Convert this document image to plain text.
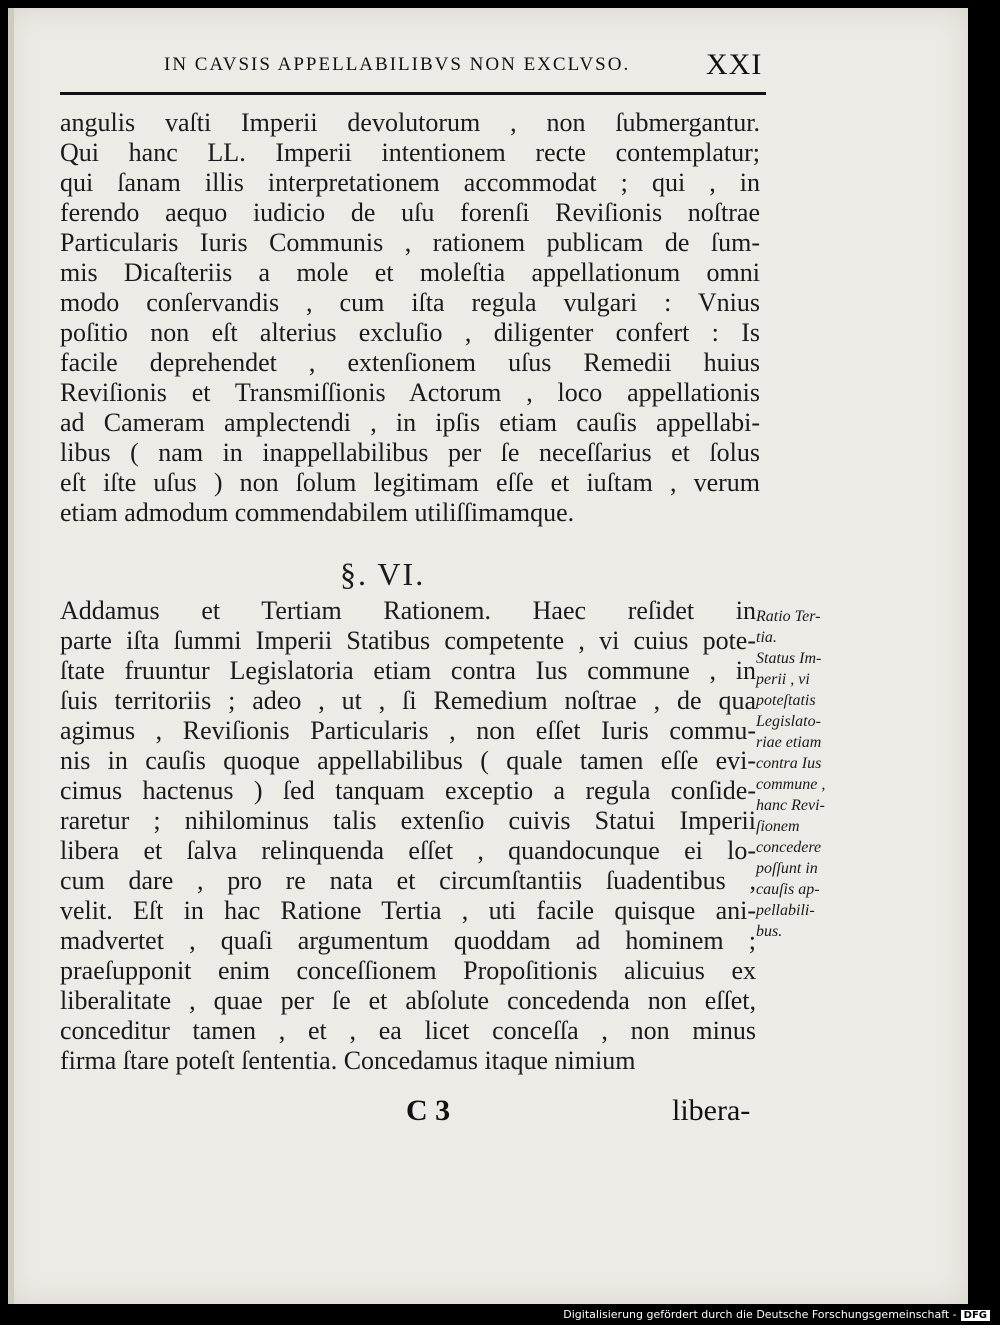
IN CAVSIS APPELLABILIBVS NON EXCLVSO.	XXI
angulis vaſti Imperii devolutorum , non ſubmergantur.
Qui hanc LL. Imperii intentionem recte contemplatur;
qui ſanam illis interpretationem accommodat ; qui , in
ferendo aequo iudicio de uſu forenſi Reviſionis noſtrae
Particularis Iuris Communis , rationem publicam de ſum-
mis Dicaſteriis a mole et moleſtia appellationum omni
modo conſervandis , cum iſta regula vulgari : Vnius
poſitio non eſt alterius excluſio , diligenter confert : Is
facile deprehendet , extenſionem uſus Remedii huius
Reviſionis et Transmiſſionis Actorum , loco appellationis
ad Cameram amplectendi , in ipſis etiam cauſis appellabi-
libus ( nam in inappellabilibus per ſe neceſſarius et ſolus
eſt iſte uſus ) non ſolum legitimam eſſe et iuſtam , verum
etiam admodum commendabilem utiliſſimamque.
§. VI.
Addamus et Tertiam Rationem. Haec reſidet in
parte iſta ſummi Imperii Statibus competente , vi cuius pote-
ſtate fruuntur Legislatoria etiam contra Ius commune , in
ſuis territoriis ; adeo , ut , ſi Remedium noſtrae , de qua
agimus , Reviſionis Particularis , non eſſet Iuris commu-
nis in cauſis quoque appellabilibus ( quale tamen eſſe evi-
cimus hactenus ) ſed tanquam exceptio a regula conſide-
raretur ; nihilominus talis extenſio cuivis Statui Imperii
libera et ſalva relinquenda eſſet , quandocunque ei lo-
cum dare , pro re nata et circumſtantiis ſuadentibus ,
velit. Eſt in hac Ratione Tertia , uti facile quisque ani-
madvertet , quaſi argumentum quoddam ad hominem ;
praeſupponit enim conceſſionem Propoſitionis alicuius ex
liberalitate , quae per ſe et abſolute concedenda non eſſet,
conceditur tamen , et , ea licet conceſſa , non minus
firma ſtare poteſt ſententia. Concedamus itaque nimium
Ratio Ter-
tia.
Status Im-
perii , vi
poteſtatis
Legislato-
riae etiam
contra Ius
commune ,
hanc Revi-
ſionem
concedere
poſſunt in
cauſis ap-
pellabili-
bus.
C 3	libera-
Digitalisierung gefördert durch die Deutsche Forschungsgemeinschaft - DFG
